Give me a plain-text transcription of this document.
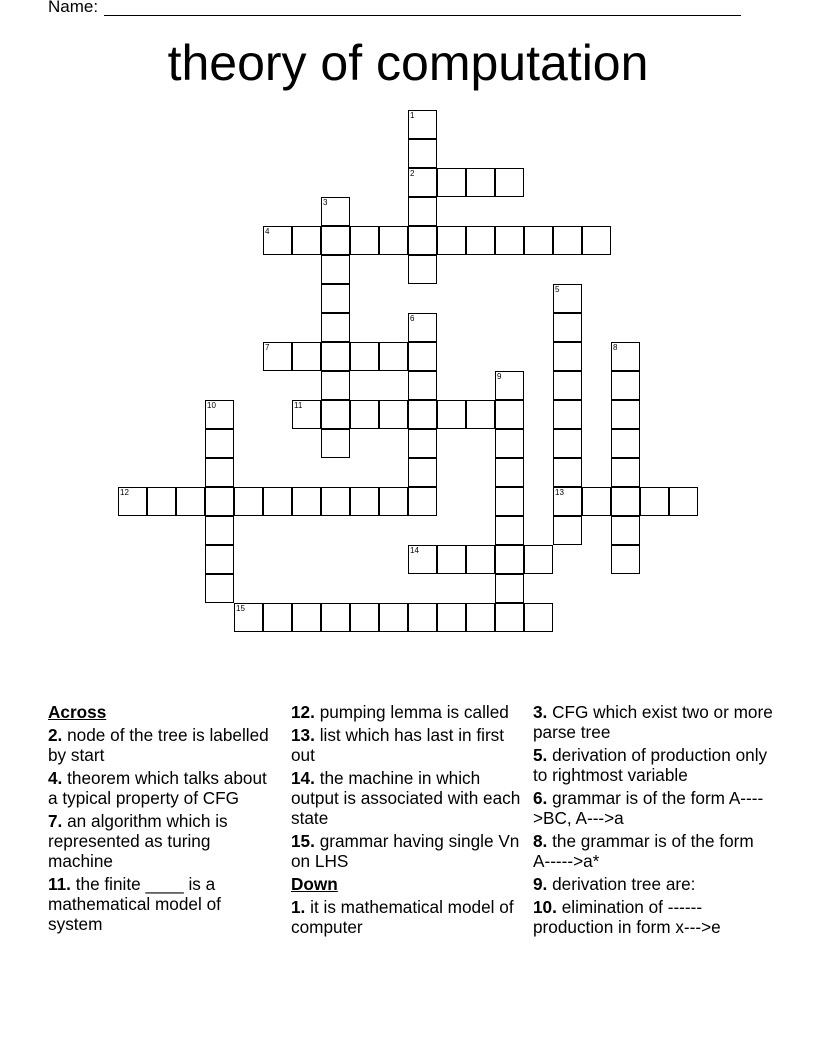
Name:
theory of computation
1
2
3
4
5
13
6
7	8
9
10	11
12
14
15
Across
2. node of the tree is labelled by start
4. theorem which talks about a typical property of CFG
7. an algorithm which is represented as turing machine
11. the finite ____ is a mathematical model of system
12. pumping lemma is called
13. list which has last in first out
14. the machine in which output is associated with each state
15. grammar having single Vn on LHS
Down
1. it is mathematical model of computer
3. CFG which exist two or more parse tree
5. derivation of production only to rightmost variable
6. grammar is of the form A---->BC, A--->a
8. the grammar is of the form A----->a*
9. derivation tree are:
10. elimination of ------ production in form x--->e
